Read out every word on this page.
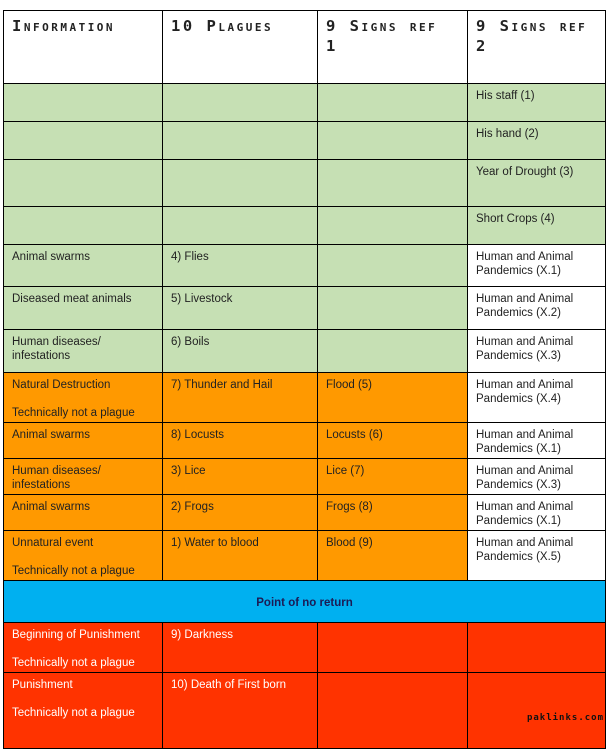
Information	10 Plagues	9 Signs ref 1	9 Signs ref 2
			His staff (1)
			His hand (2)
			Year of Drought (3)
			Short Crops (4)
Animal swarms	4) Flies		Human and Animal Pandemics (X.1)
Diseased meat animals	5) Livestock		Human and Animal Pandemics (X.2)
Human diseases/ infestations	6) Boils		Human and Animal Pandemics (X.3)
Natural Destruction
Technically not a plague	7) Thunder and Hail	Flood (5)	Human and Animal Pandemics (X.4)
Animal swarms	8) Locusts	Locusts (6)	Human and Animal Pandemics (X.1)
Human diseases/ infestations	3) Lice	Lice (7)	Human and Animal Pandemics (X.3)
Animal swarms	2) Frogs	Frogs (8)	Human and Animal Pandemics (X.1)
Unnatural event
Technically not a plague	1) Water to blood	Blood (9)	Human and Animal Pandemics (X.5)
Point of no return			
Beginning of Punishment
Technically not a plague	9) Darkness		
Punishment
Technically not a plague	10) Death of First born		
paklinks.com
